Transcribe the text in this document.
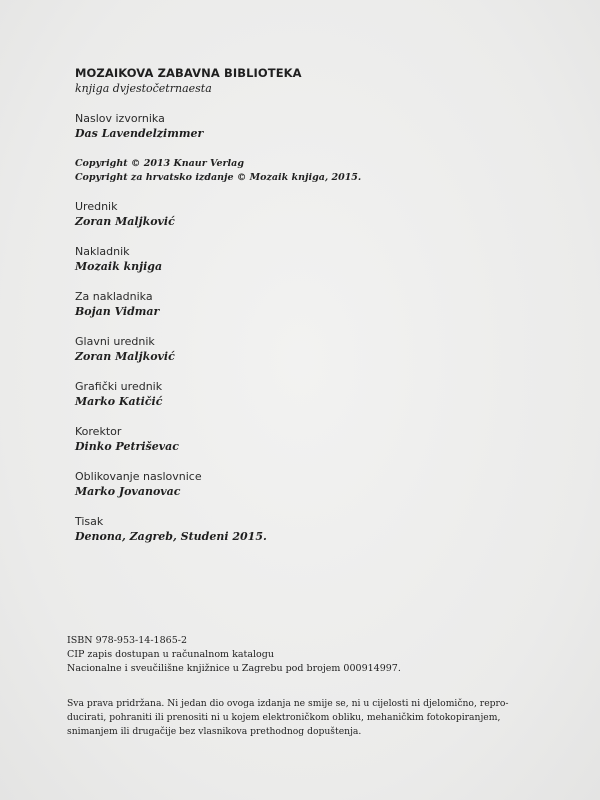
MOZAIKOVA ZABAVNA BIBLIOTEKA
knjiga dvjestočetrnaesta
Naslov izvornika
Das Lavendelzimmer
Copyright © 2013 Knaur Verlag
Copyright za hrvatsko izdanje © Mozaik knjiga, 2015.
Urednik
Zoran Maljković
Nakladnik
Mozaik knjiga
Za nakladnika
Bojan Vidmar
Glavni urednik
Zoran Maljković
Grafički urednik
Marko Katičić
Korektor
Dinko Petriševac
Oblikovanje naslovnice
Marko Jovanovac
Tisak
Denona, Zagreb, Studeni 2015.
ISBN 978-953-14-1865-2
CIP zapis dostupan u računalnom katalogu
Nacionalne i sveučilišne knjižnice u Zagrebu pod brojem 000914997.
Sva prava pridržana. Ni jedan dio ovoga izdanja ne smije se, ni u cijelosti ni djelomično, repro-
ducirati, pohraniti ili prenositi ni u kojem elektroničkom obliku, mehaničkim fotokopiranjem,
snimanjem ili drugačije bez vlasnikova prethodnog dopuštenja.
